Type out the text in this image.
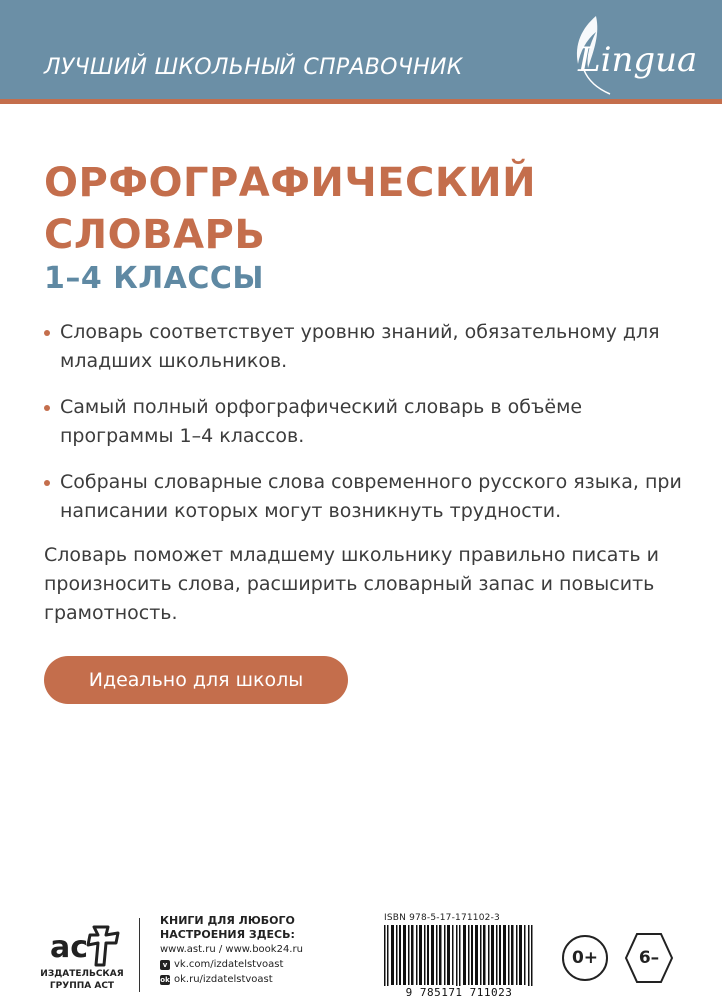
ЛУЧШИЙ ШКОЛЬНЫЙ СПРАВОЧНИК	Lingua
ОРФОГРАФИЧЕСКИЙ
СЛОВАРЬ
1–4 КЛАССЫ
Словарь соответствует уровню знаний, обязательному для младших школьников.
Самый полный орфографический словарь в объёме программы 1–4 классов.
Собраны словарные слова современного русского языка, при написании которых могут возникнуть трудности.

Словарь поможет младшему школьнику правильно писать и произносить слова, расширить словарный запас и повысить грамотность.

Идеально для школы
ac
ИЗДАТЕЛЬСКАЯ
ГРУППА АСТ
КНИГИ ДЛЯ ЛЮБОГО НАСТРОЕНИЯ ЗДЕСЬ:
www.ast.ru / www.book24.ru
v vk.com/izdatelstvoast
ok ok.ru/izdatelstvoast
ISBN 978-5-17-171102-3
9 785171 711023
0+	6–
